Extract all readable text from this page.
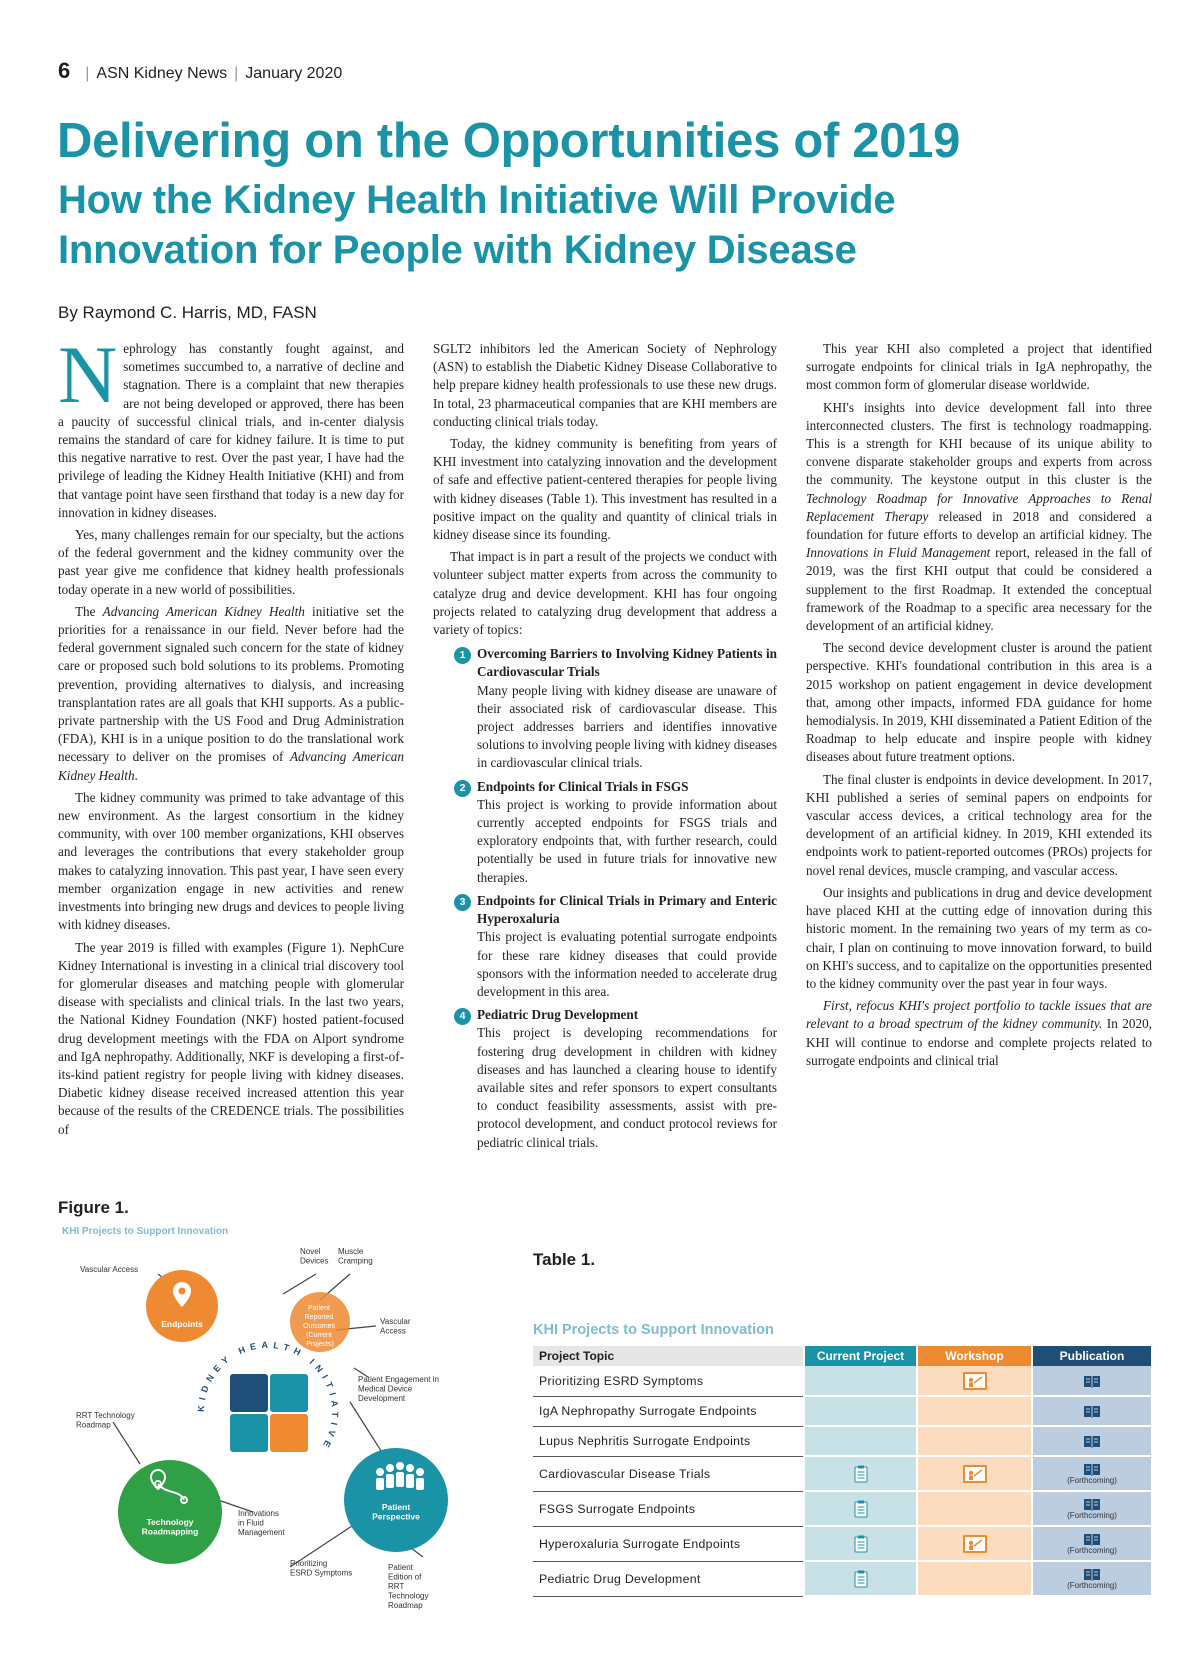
6 | ASN Kidney News | January 2020
Delivering on the Opportunities of 2019
How the Kidney Health Initiative Will Provide Innovation for People with Kidney Disease
By Raymond C. Harris, MD, FASN

Nephrology has constantly fought against, and sometimes succumbed to, a narrative of decline and stagnation. There is a complaint that new therapies are not being developed or approved, there has been a paucity of successful clinical trials, and in-center dialysis remains the standard of care for kidney failure. It is time to put this negative narrative to rest. Over the past year, I have had the privilege of leading the Kidney Health Initiative (KHI) and from that vantage point have seen firsthand that today is a new day for innovation in kidney diseases.

Yes, many challenges remain for our specialty, but the actions of the federal government and the kidney community over the past year give me confidence that kidney health professionals today operate in a new world of possibilities.

The Advancing American Kidney Health initiative set the priorities for a renaissance in our field. Never before had the federal government signaled such concern for the state of kidney care or proposed such bold solutions to its problems. Promoting prevention, providing alternatives to dialysis, and increasing transplantation rates are all goals that KHI supports. As a public-private partnership with the US Food and Drug Administration (FDA), KHI is in a unique position to do the translational work necessary to deliver on the promises of Advancing American Kidney Health.

The kidney community was primed to take advantage of this new environment. As the largest consortium in the kidney community, with over 100 member organizations, KHI observes and leverages the contributions that every stakeholder group makes to catalyzing innovation. This past year, I have seen every member organization engage in new activities and renew investments into bringing new drugs and devices to people living with kidney diseases.

The year 2019 is filled with examples (Figure 1). NephCure Kidney International is investing in a clinical trial discovery tool for glomerular diseases and matching people with glomerular disease with specialists and clinical trials. In the last two years, the National Kidney Foundation (NKF) hosted patient-focused drug development meetings with the FDA on Alport syndrome and IgA nephropathy. Additionally, NKF is developing a first-of-its-kind patient registry for people living with kidney diseases. Diabetic kidney disease received increased attention this year because of the results of the CREDENCE trials. The possibilities of

SGLT2 inhibitors led the American Society of Nephrology (ASN) to establish the Diabetic Kidney Disease Collaborative to help prepare kidney health professionals to use these new drugs. In total, 23 pharmaceutical companies that are KHI members are conducting clinical trials today.

Today, the kidney community is benefiting from years of KHI investment into catalyzing innovation and the development of safe and effective patient-centered therapies for people living with kidney diseases (Table 1). This investment has resulted in a positive impact on the quality and quantity of clinical trials in kidney disease since its founding.

That impact is in part a result of the projects we conduct with volunteer subject matter experts from across the community to catalyze drug and device development. KHI has four ongoing projects related to catalyzing drug development that address a variety of topics:

1 Overcoming Barriers to Involving Kidney Patients in Cardiovascular Trials
Many people living with kidney disease are unaware of their associated risk of cardiovascular disease. This project addresses barriers and identifies innovative solutions to involving people living with kidney diseases in cardiovascular clinical trials.
2 Endpoints for Clinical Trials in FSGS
This project is working to provide information about currently accepted endpoints for FSGS trials and exploratory endpoints that, with further research, could potentially be used in future trials for innovative new therapies.
3 Endpoints for Clinical Trials in Primary and Enteric Hyperoxaluria
This project is evaluating potential surrogate endpoints for these rare kidney diseases that could provide sponsors with the information needed to accelerate drug development in this area.
4 Pediatric Drug Development
This project is developing recommendations for fostering drug development in children with kidney diseases and has launched a clearing house to identify available sites and refer sponsors to expert consultants to conduct feasibility assessments, assist with pre-protocol development, and conduct protocol reviews for pediatric clinical trials.

This year KHI also completed a project that identified surrogate endpoints for clinical trials in IgA nephropathy, the most common form of glomerular disease worldwide.

KHI's insights into device development fall into three interconnected clusters. The first is technology roadmapping. This is a strength for KHI because of its unique ability to convene disparate stakeholder groups and experts from across the community. The keystone output in this cluster is the Technology Roadmap for Innovative Approaches to Renal Replacement Therapy released in 2018 and considered a foundation for future efforts to develop an artificial kidney. The Innovations in Fluid Management report, released in the fall of 2019, was the first KHI output that could be considered a supplement to the first Roadmap. It extended the conceptual framework of the Roadmap to a specific area necessary for the development of an artificial kidney.

The second device development cluster is around the patient perspective. KHI's foundational contribution in this area is a 2015 workshop on patient engagement in device development that, among other impacts, informed FDA guidance for home hemodialysis. In 2019, KHI disseminated a Patient Edition of the Roadmap to help educate and inspire people with kidney diseases about future treatment options.

The final cluster is endpoints in device development. In 2017, KHI published a series of seminal papers on endpoints for vascular access devices, a critical technology area for the development of an artificial kidney. In 2019, KHI extended its endpoints work to patient-reported outcomes (PROs) projects for novel renal devices, muscle cramping, and vascular access.

Our insights and publications in drug and device development have placed KHI at the cutting edge of innovation during this historic moment. In the remaining two years of my term as co-chair, I plan on continuing to move innovation forward, to build on KHI's success, and to capitalize on the opportunities presented to the kidney community over the past year in four ways.

First, refocus KHI's project portfolio to tackle issues that are relevant to a broad spectrum of the kidney community. In 2020, KHI will continue to endorse and complete projects related to surrogate endpoints and clinical trial

Figure 1.
Endpoints
Patient Reported Outcomes (Current Projects)
KIDNEY HEALTH INITIATIVE
Patient Perspective
Technology Roadmapping
KHI Projects to Support Innovation
Vascular Access
Novel Devices
Muscle Cramping
Vascular Access
Patient Engagement in Medical Device Development
RRT Technology Roadmap
Innovations in Fluid Management
Prioritizing ESRD Symptoms
Patient Edition of RRT Technology Roadmap
Table 1.
KHI Projects to Support Innovation
Project Topic	Current Project	Workshop	Publication
Prioritizing ESRD Symptoms			
IgA Nephropathy Surrogate Endpoints			
Lupus Nephritis Surrogate Endpoints			
Cardiovascular Disease Trials			(Forthcoming)

FSGS Surrogate Endpoints			(Forthcoming)

Hyperoxaluria Surrogate Endpoints			(Forthcoming)

Pediatric Drug Development			(Forthcoming)
